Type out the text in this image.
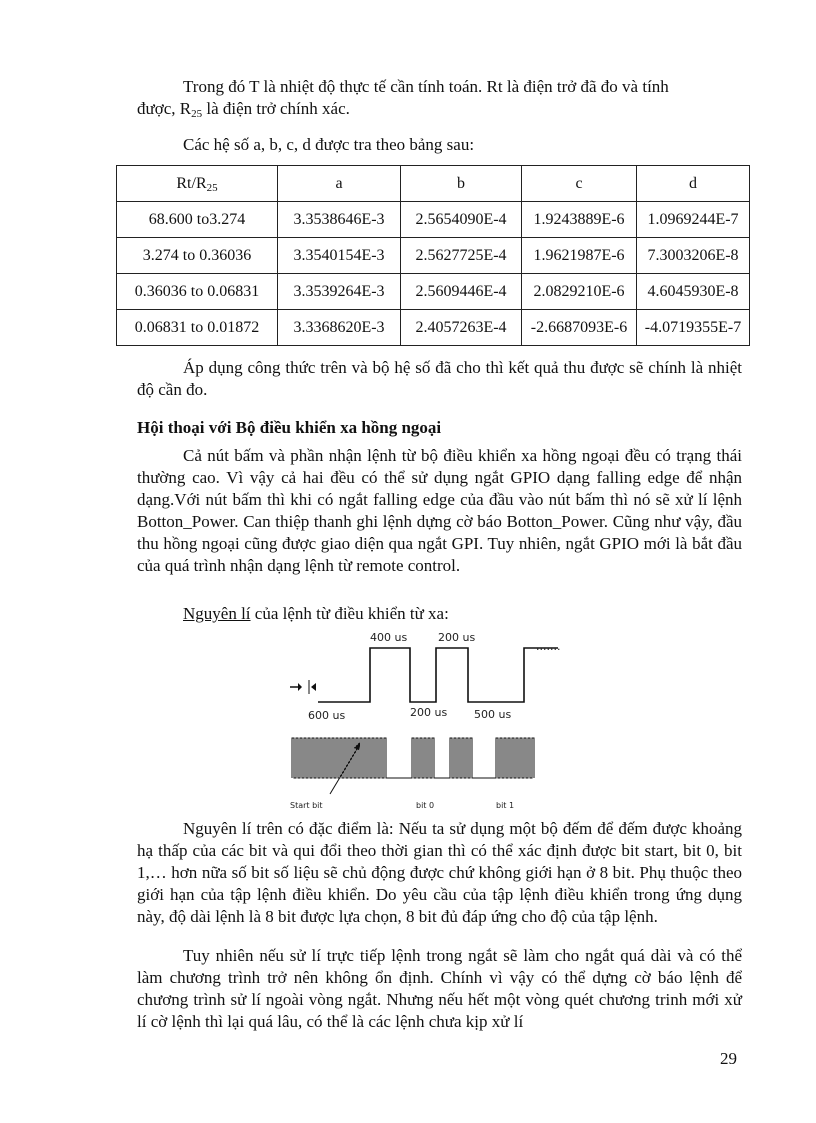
Trong đó T là nhiệt độ thực tế cần tính toán. Rt là điện trở đã đo và tính

được, $R_{25}$ là điện trở chính xác.

Các hệ số a, b, c, d được tra theo bảng sau:

$Rt/R_{25}$	a	b	c	d
68.600 to3.274	3.3538646E-3	2.5654090E-4	1.9243889E-6	1.0969244E-7
3.274 to 0.36036	3.3540154E-3	2.5627725E-4	1.9621987E-6	7.3003206E-8
0.36036 to 0.06831	3.3539264E-3	2.5609446E-4	2.0829210E-6	4.6045930E-8
0.06831 to 0.01872	3.3368620E-3	2.4057263E-4	-2.6687093E-6	-4.0719355E-7

Áp dụng công thức trên và bộ hệ số đã cho thì kết quả thu được sẽ chính là nhiệt độ cần đo.

Hội thoại với Bộ điều khiển xa hồng ngoại

Cả nút bấm và phần nhận lệnh từ bộ điều khiển xa hồng ngoại đều có trạng thái thường cao. Vì vậy cả hai đều có thể sử dụng ngắt GPIO dạng falling edge để nhận dạng.Với nút bấm thì khi có ngắt falling edge của đầu vào nút bấm thì nó sẽ xử lí lệnh Botton_Power. Can thiệp thanh ghi lệnh dựng cờ báo Botton_Power. Cũng như vậy, đầu thu hồng ngoại cũng được giao diện qua ngắt GPI. Tuy nhiên, ngắt GPIO mới là bắt đầu của quá trình nhận dạng lệnh từ remote control.

Nguyên lí của lệnh từ điều khiển từ xa:

400 us	200 us
.......
600 us	200 us 500 us
Start bit	bit 0	bit 1

Nguyên lí trên có đặc điểm là: Nếu ta sử dụng một bộ đếm để đếm được khoảng hạ thấp của các bit và qui đổi theo thời gian thì có thể xác định được bit start, bit 0, bit 1,… hơn nữa số bit số liệu sẽ chủ động được chứ không giới hạn ở 8 bit. Phụ thuộc theo giới hạn của tập lệnh điều khiển. Do yêu cầu của tập lệnh điều khiển trong ứng dụng này, độ dài lệnh là 8 bit được lựa chọn, 8 bit đủ đáp ứng cho độ của tập lệnh.

Tuy nhiên nếu sử lí trực tiếp lệnh trong ngắt sẽ làm cho ngắt quá dài và có thể làm chương trình trở nên không ổn định. Chính vì vậy có thể dựng cờ báo lệnh để chương trình sử lí ngoài vòng ngắt. Nhưng nếu hết một vòng quét chương trinh mới xử lí cờ lệnh thì lại quá lâu, có thể là các lệnh chưa kịp xử lí

29
